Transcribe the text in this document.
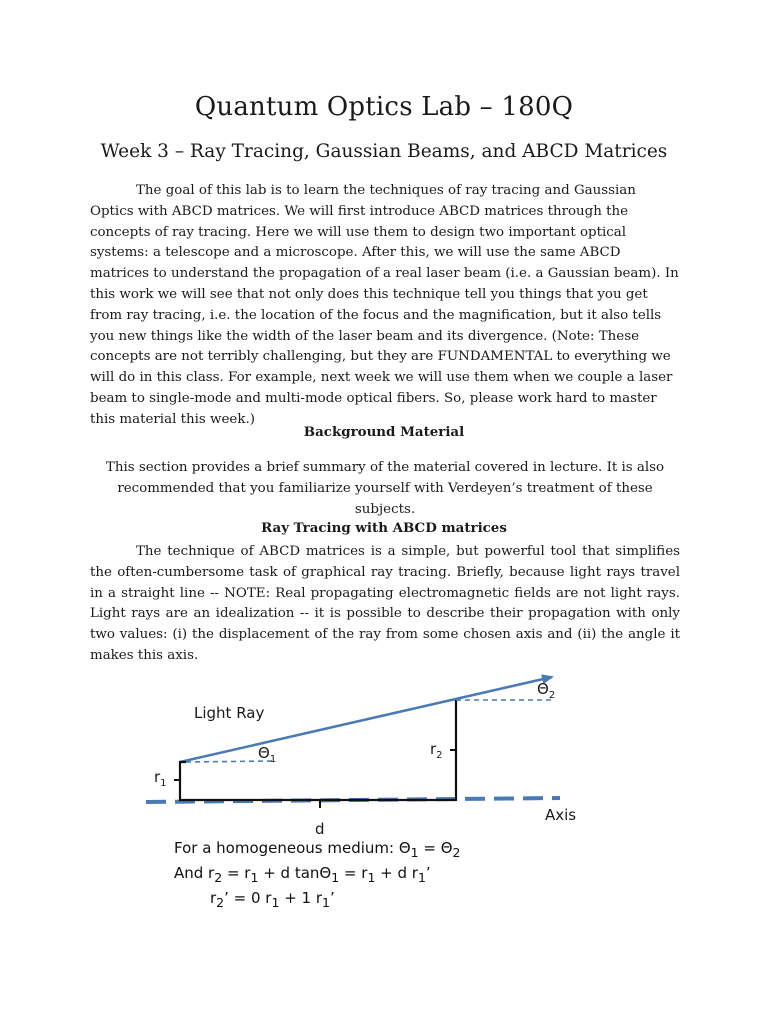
Quantum Optics Lab – 180Q
Week 3 – Ray Tracing, Gaussian Beams, and ABCD Matrices

The goal of this lab is to learn the techniques of ray tracing and Gaussian Optics with ABCD matrices. We will first introduce ABCD matrices through the concepts of ray tracing. Here we will use them to design two important optical systems: a telescope and a microscope. After this, we will use the same ABCD matrices to understand the propagation of a real laser beam (i.e. a Gaussian beam). In this work we will see that not only does this technique tell you things that you get from ray tracing, i.e. the location of the focus and the magnification, but it also tells you new things like the width of the laser beam and its divergence. (Note: These concepts are not terribly challenging, but they are FUNDAMENTAL to everything we will do in this class. For example, next week we will use them when we couple a laser beam to single-mode and multi-mode optical fibers. So, please work hard to master this material this week.)

Background Material

This section provides a brief summary of the material covered in lecture. It is also recommended that you familiarize yourself with Verdeyen’s treatment of these subjects.

Ray Tracing with ABCD matrices

The technique of ABCD matrices is a simple, but powerful tool that simplifies the often-cumbersome task of graphical ray tracing. Briefly, because light rays travel in a straight line -- NOTE: Real propagating electromagnetic fields are not light rays. Light rays are an idealization -- it is possible to describe their propagation with only two values: (i) the displacement of the ray from some chosen axis and (ii) the angle it makes this axis.

Light Ray
Axis
d
$r_1$
$r_2$
$\Theta_1$
$\Theta_2$
For a homogeneous medium: $\Theta_1 = \Theta_2$
And $r_2 = r_1 + d$ $\tan\Theta_1 = r_1 + d$ $r_1$’
$r_2$’ = 0 $r_1 + 1$ $r_1$’
